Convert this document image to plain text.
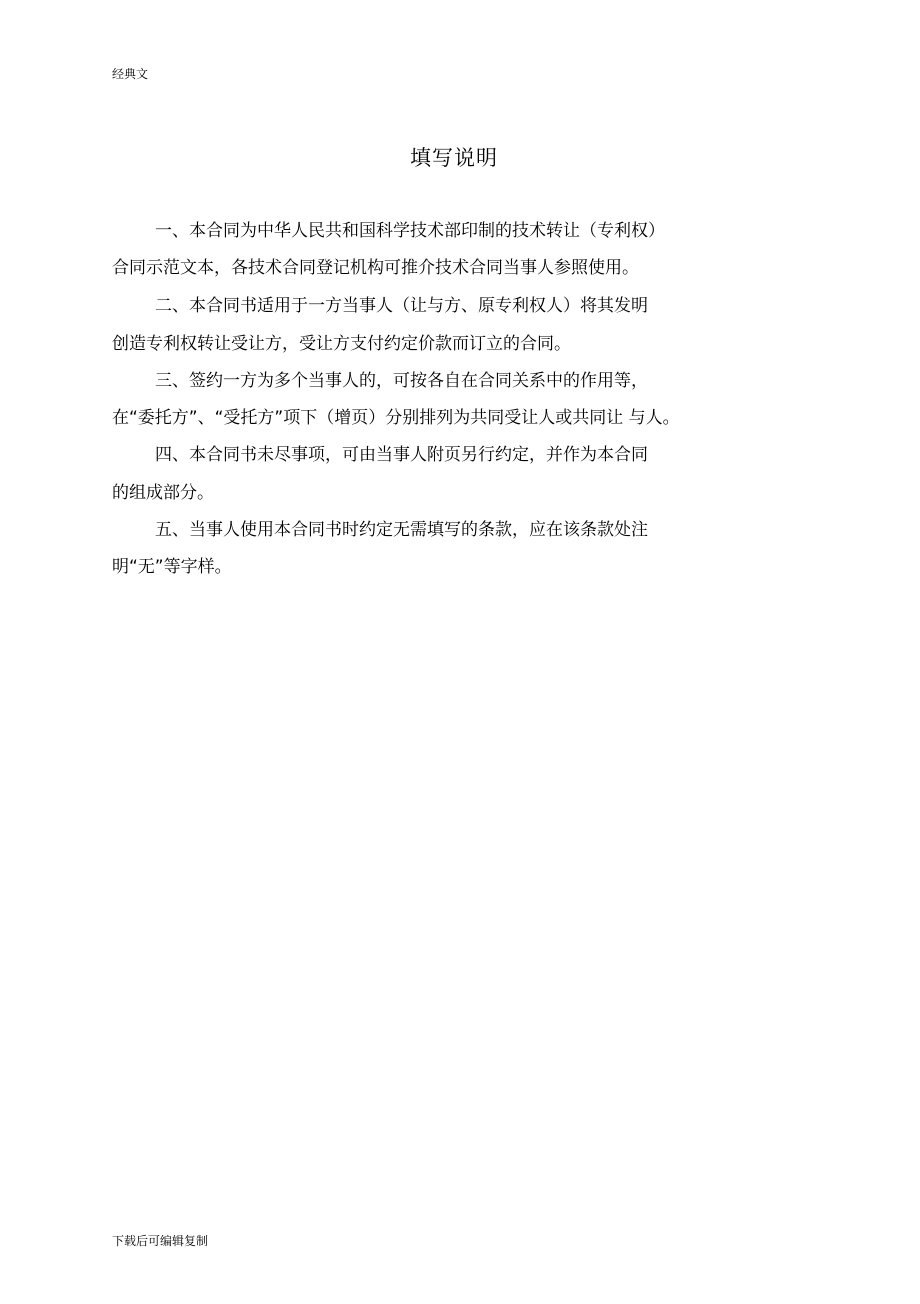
经典文
填写说明
一、本合同为中华人民共和国科学技术部印制的技术转让（专利权）
合同示范文本，各技术合同登记机构可推介技术合同当事人参照使用。
二、本合同书适用于一方当事人（让与方、原专利权人）将其发明
创造专利权转让受让方，受让方支付约定价款而订立的合同。
三、签约一方为多个当事人的，可按各自在合同关系中的作用等，
在“委托方”、“受托方”项下（增页）分别排列为共同受让人或共同让 与人。
四、本合同书未尽事项，可由当事人附页另行约定，并作为本合同
的组成部分。
五、当事人使用本合同书时约定无需填写的条款，应在该条款处注
明“无”等字样。
下载后可编辑复制
